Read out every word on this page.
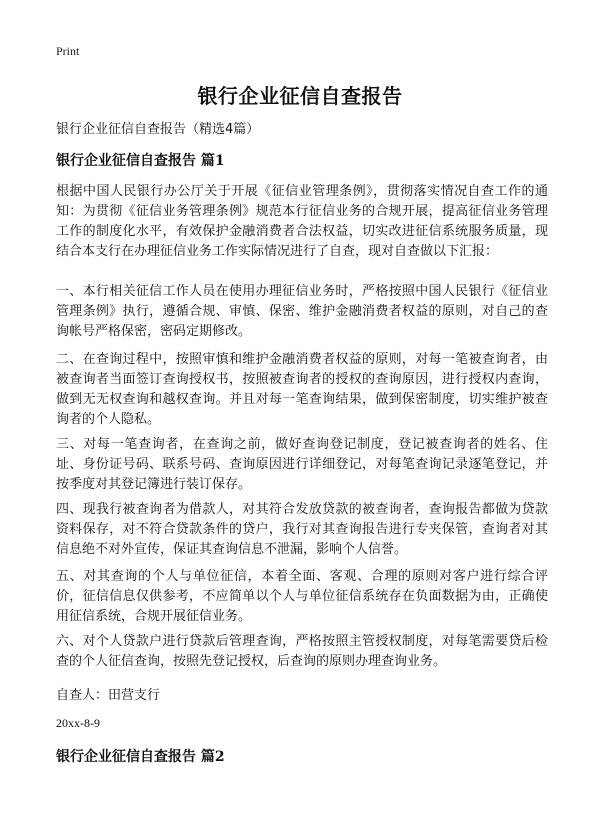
Print
银行企业征信自查报告
银行企业征信自查报告（精选4篇）
银行企业征信自查报告 篇1

根据中国人民银行办公厅关于开展《征信业管理条例》，贯彻落实情况自查工作的通知：为贯彻《征信业务管理条例》规范本行征信业务的合规开展，提高征信业务管理工作的制度化水平，有效保护金融消费者合法权益，切实改进征信系统服务质量，现结合本支行在办理征信业务工作实际情况进行了自查，现对自查做以下汇报：

一、本行相关征信工作人员在使用办理征信业务时，严格按照中国人民银行《征信业管理条例》执行，遵循合规、审慎、保密、维护金融消费者权益的原则，对自己的查询帐号严格保密，密码定期修改。

二、在查询过程中，按照审慎和维护金融消费者权益的原则，对每一笔被查询者，由被查询者当面签订查询授权书，按照被查询者的授权的查询原因，进行授权内查询，做到无无权查询和越权查询。并且对每一笔查询结果，做到保密制度，切实维护被查询者的个人隐私。

三、对每一笔查询者，在查询之前，做好查询登记制度，登记被查询者的姓名、住址、身份证号码、联系号码、查询原因进行详细登记，对每笔查询记录逐笔登记，并按季度对其登记簿进行装订保存。

四、现我行被查询者为借款人，对其符合发放贷款的被查询者，查询报告都做为贷款资料保存，对不符合贷款条件的贷户，我行对其查询报告进行专夹保管，查询者对其信息绝不对外宣传，保证其查询信息不泄漏，影响个人信誉。

五、对其查询的个人与单位征信，本着全面、客观、合理的原则对客户进行综合评价，征信信息仅供参考，不应简单以个人与单位征信系统存在负面数据为由，正确使用征信系统，合规开展征信业务。

六、对个人贷款户进行贷款后管理查询，严格按照主管授权制度，对每笔需要贷后检查的个人征信查询，按照先登记授权，后查询的原则办理查询业务。

自查人：田营支行
20xx-8-9
银行企业征信自查报告 篇2
